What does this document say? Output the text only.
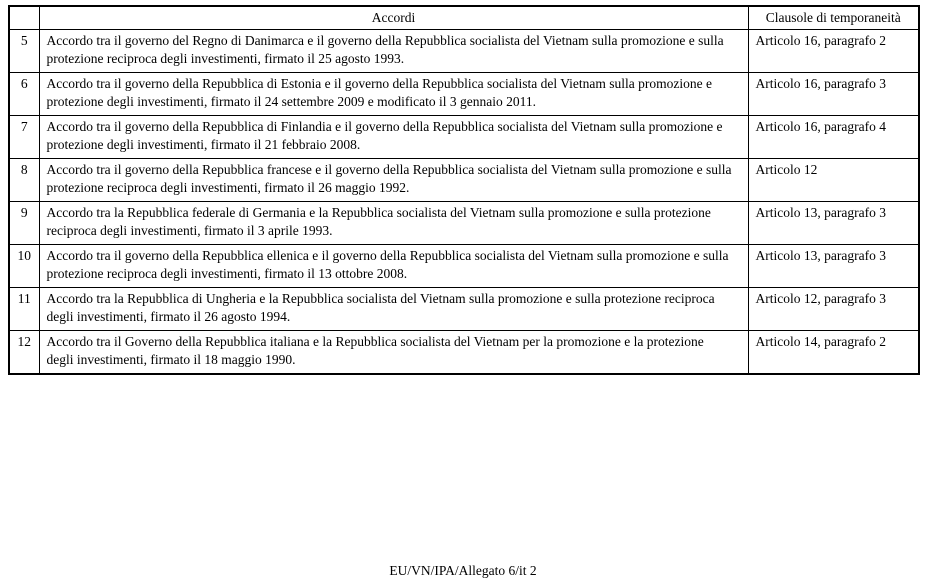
	Accordi	Clausole di temporaneità
5	Accordo tra il governo del Regno di Danimarca e il governo della Repubblica socialista del Vietnam sulla promozione e sulla protezione reciproca degli investimenti, firmato il 25 agosto 1993.	Articolo 16, paragrafo 2
6	Accordo tra il governo della Repubblica di Estonia e il governo della Repubblica socialista del Vietnam sulla promozione e protezione degli investimenti, firmato il 24 settembre 2009 e modificato il 3 gennaio 2011.	Articolo 16, paragrafo 3
7	Accordo tra il governo della Repubblica di Finlandia e il governo della Repubblica socialista del Vietnam sulla promozione e protezione degli investimenti, firmato il 21 febbraio 2008.	Articolo 16, paragrafo 4
8	Accordo tra il governo della Repubblica francese e il governo della Repubblica socialista del Vietnam sulla promozione e sulla protezione reciproca degli investimenti, firmato il 26 maggio 1992.	Articolo 12
9	Accordo tra la Repubblica federale di Germania e la Repubblica socialista del Vietnam sulla promozione e sulla protezione reciproca degli investimenti, firmato il 3 aprile 1993.	Articolo 13, paragrafo 3
10	Accordo tra il governo della Repubblica ellenica e il governo della Repubblica socialista del Vietnam sulla promozione e sulla protezione reciproca degli investimenti, firmato il 13 ottobre 2008.	Articolo 13, paragrafo 3
11	Accordo tra la Repubblica di Ungheria e la Repubblica socialista del Vietnam sulla promozione e sulla protezione reciproca degli investimenti, firmato il 26 agosto 1994.	Articolo 12, paragrafo 3
12	Accordo tra il Governo della Repubblica italiana e la Repubblica socialista del Vietnam per la promozione e la protezione degli investimenti, firmato il 18 maggio 1990.	Articolo 14, paragrafo 2
EU/VN/IPA/Allegato 6/it 2
